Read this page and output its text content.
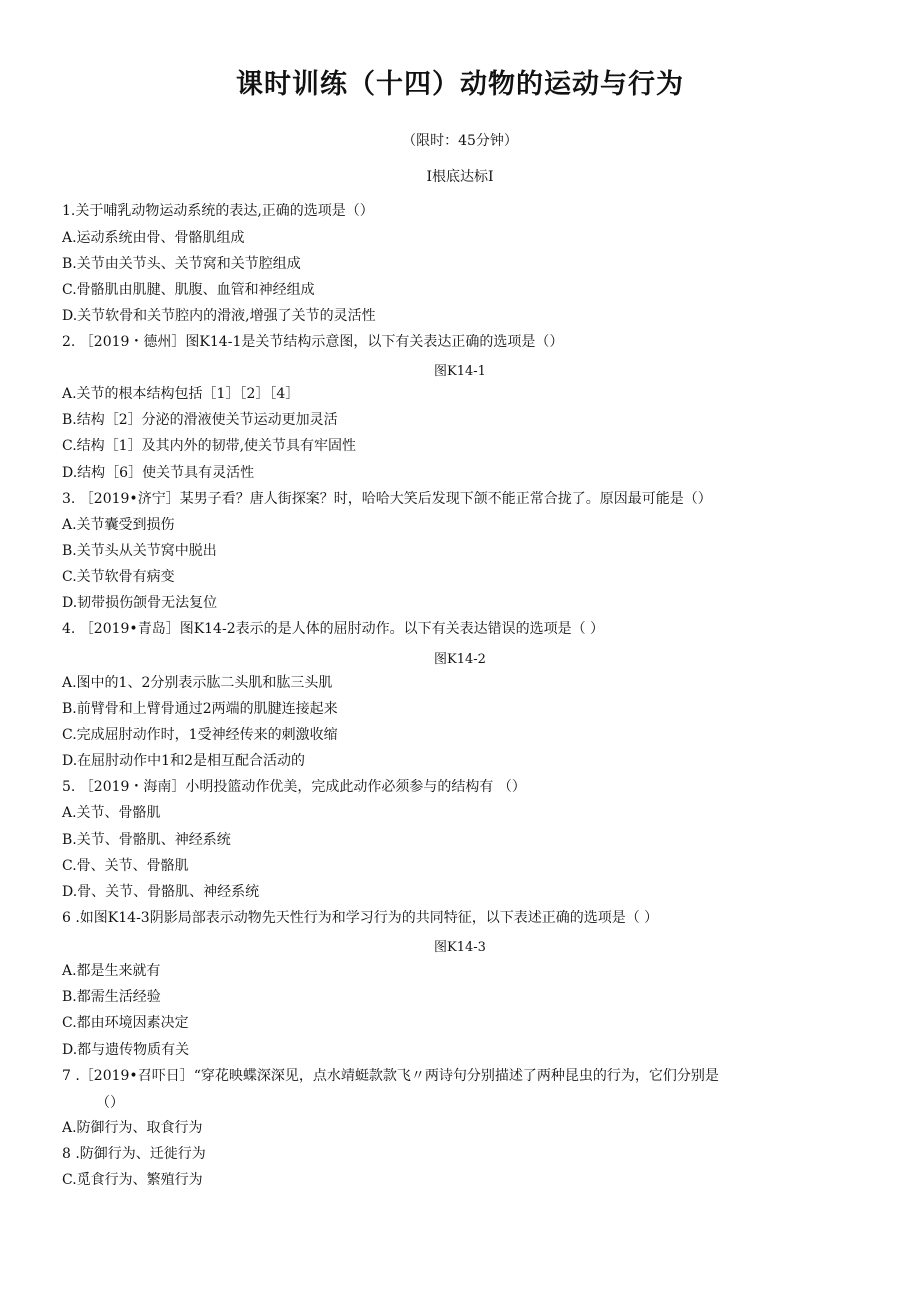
课时训练（十四）动物的运动与行为
（限时：45分钟）
I根底达标I
1.关于哺乳动物运动系统的表达,正确的选项是（）
A.运动系统由骨、骨骼肌组成
B.关节由关节头、关节窝和关节腔组成
C.骨骼肌由肌腱、肌腹、血管和神经组成
D.关节软骨和关节腔内的滑液,增强了关节的灵活性
2. ［2019・德州］图K14-1是关节结构示意图，以下有关表达正确的选项是（）
图K14-1
A.关节的根本结构包括［1］［2］［4］
B.结构［2］分泌的滑液使关节运动更加灵活
C.结构［1］及其内外的韧带,使关节具有牢固性
D.结构［6］使关节具有灵活性
3. ［2019•济宁］某男子看？唐人街探案？时，哈哈大笑后发现下颌不能正常合拢了。原因最可能是（）
A.关节囊受到损伤
B.关节头从关节窝中脱出
C.关节软骨有病变
D.韧带损伤颌骨无法复位
4. ［2019•青岛］图K14-2表示的是人体的屈肘动作。以下有关表达错误的选项是（ ）
图K14-2
A.图中的1、2分别表示肱二头肌和肱三头肌
B.前臂骨和上臂骨通过2两端的肌腱连接起来
C.完成屈肘动作时，1受神经传来的刺激收缩
D.在屈肘动作中1和2是相互配合活动的
5. ［2019・海南］小明投篮动作优美，完成此动作必须参与的结构有 （）
A.关节、骨骼肌
B.关节、骨骼肌、神经系统
C.骨、关节、骨骼肌
D.骨、关节、骨骼肌、神经系统
6 .如图K14-3阴影局部表示动物先天性行为和学习行为的共同特征，以下表述正确的选项是（ ）
图K14-3
A.都是生来就有
B.都需生活经验
C.都由环境因素决定
D.都与遗传物质有关
7 .［2019•召吓日］“穿花映蝶深深见，点水靖蜓款款飞〃两诗句分别描述了两种昆虫的行为，它们分别是
（）
A.防御行为、取食行为
8 .防御行为、迁徙行为
C.觅食行为、繁殖行为
